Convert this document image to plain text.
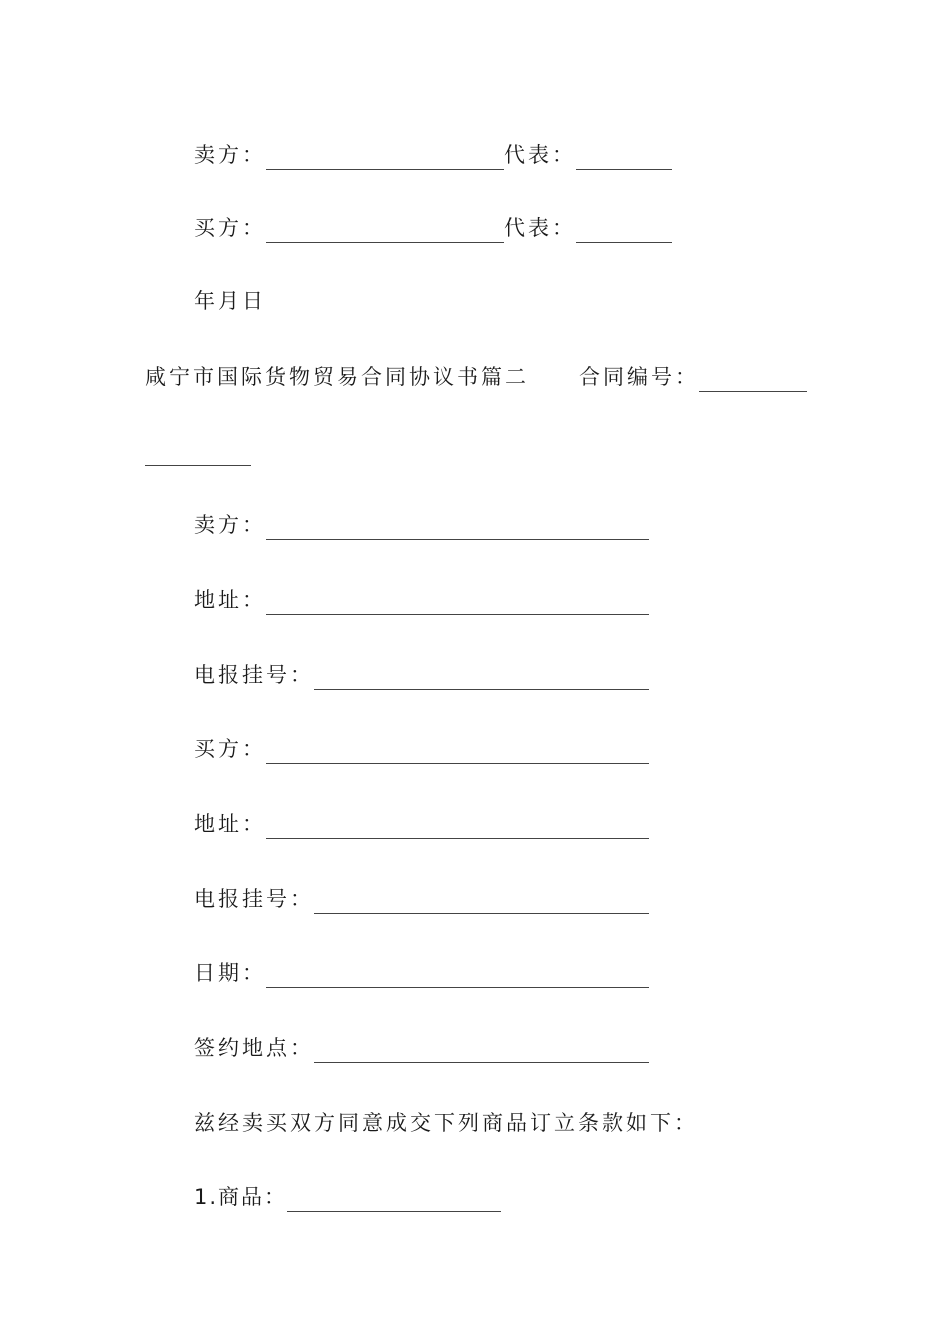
卖方：	代表：
买方：	代表：
年月日
咸宁市国际货物贸易合同协议书篇二 合同编号：
卖方：
地址：
电报挂号：
买方：
地址：
电报挂号：
日期：
签约地点：
兹经卖买双方同意成交下列商品订立条款如下：
1.商品：
